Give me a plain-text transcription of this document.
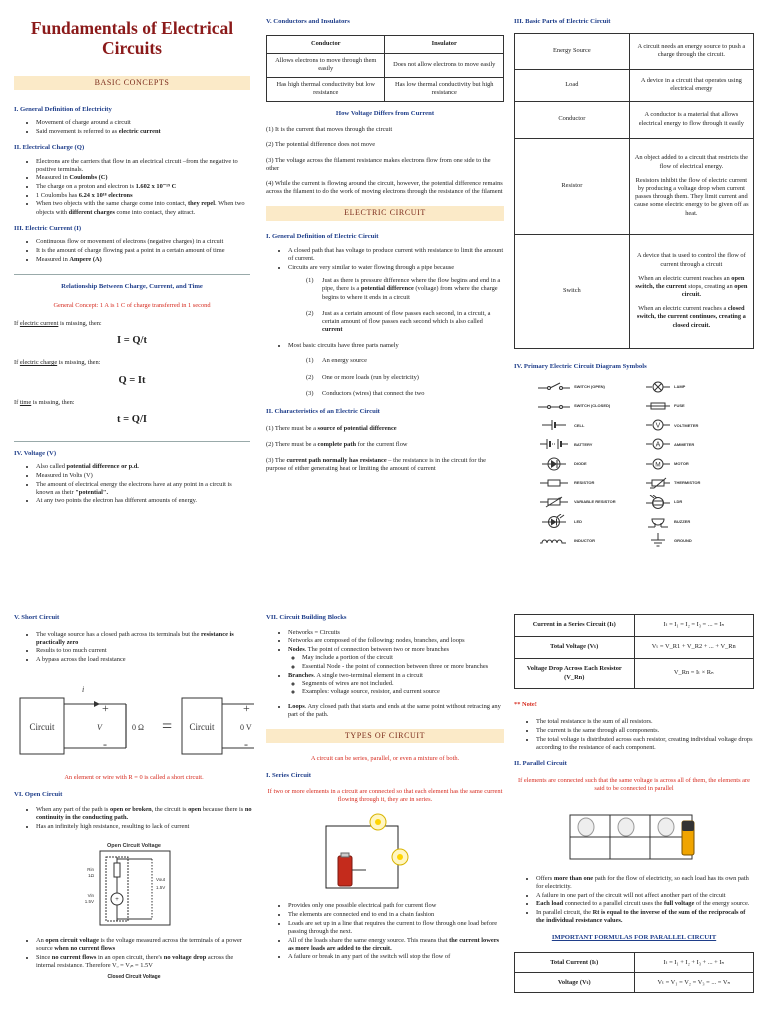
Fundamentals of Electrical Circuits
BASIC CONCEPTS
I. General Definition of Electricity
• Movement of charge around a circuit
• Said movement is referred to as electric current
II. Electrical Charge (Q)
• Electrons are the carriers that flow in an electrical circuit –from the negative to positive terminals.
• Measured in Coulombs (C)
• The charge on a proton and electron is 1.602 x 10⁻¹⁹ C
• 1 Coulombs has 6.24 x 10¹⁸ electrons
• When two objects with the same charge come into contact, they repel. When two objects with different charges come into contact, they attract.
III. Electric Current (I)
• Continuous flow or movement of electrons (negative charges) in a circuit
• It is the amount of charge flowing past a point in a certain amount of time
• Measured in Ampere (A)
Relationship Between Charge, Current, and Time
General Concept: 1 A is 1 C of charge transferred in 1 second
If electric current is missing, then:
I = Q/t
If electric charge is missing, then:
Q = It
If time is missing, then:
t = Q/I
IV. Voltage (V)
• Also called potential difference or p.d.
• Measured in Volts (V)
• The amount of electrical energy the electrons have at any point in a circuit is known as their "potential".
• At any two points the electron has different amounts of energy.
V. Conductors and Insulators
Conductor	Insulator
Allows electrons to move through them easily	Does not allow electrons to move easily
Has high thermal conductivity but low resistance	Has low thermal conductivity but high resistance
How Voltage Differs from Current
(1) It is the current that moves through the circuit
(2) The potential difference does not move
(3) The voltage across the filament resistance makes electrons flow from one side to the other
(4) While the current is flowing around the circuit, however, the potential difference remains across the filament to do the work of moving electrons through the resistance of the filament
ELECTRIC CIRCUIT
I. General Definition of Electric Circuit
• A closed path that has voltage to produce current with resistance to limit the amount of current.
• Circuits are very similar to water flowing through a pipe because
(1)	Just as there is pressure difference where the flow begins and end in a pipe, there is a potential difference (voltage) from where the charge begins to where it ends in a circuit
(2)	Just as a certain amount of flow passes each second, in a circuit, a certain amount of flow passes each second which is also called current
• Most basic circuits have three parts namely
(1)	An energy source
(2)	One or more loads (run by electricity)
(3)	Conductors (wires) that connect the two
II. Characteristics of an Electric Circuit
(1) There must be a source of potential difference
(2) There must be a complete path for the current flow
(3) The current path normally has resistance – the resistance is in the circuit for the purpose of either generating heat or limiting the amount of current
III. Basic Parts of Electric Circuit
Energy Source	A circuit needs an energy source to push a charge through the circuit.
Load	A device in a circuit that operates using electrical energy
Conductor	A conductor is a material that allows electrical energy to flow through it easily
Resistor	An object added to a circuit that restricts the flow of electrical energy.
Resistors inhibit the flow of electric current by producing a voltage drop when current passes through them. They limit current and cause some electric energy to be given off as heat.

Switch	A device that is used to control the flow of current through a circuit
When an electric current reaches an open switch, the current stops, creating an open circuit.
When an electric current reaches a closed switch, the current continues, creating a closed circuit.
IV. Primary Electric Circuit Diagram Symbols
SWITCH (OPEN)	LAMP
SWITCH (CLOSED)	FUSE
CELL	V	VOLTMETER
BATTERY	A	AMMETER
DIODE	M	MOTOR
RESISTOR	THERMISTOR
VARIABLE RESISTOR	LDR
LED	BUZZER
INDUCTOR	GROUND
V. Short Circuit
• The voltage source has a closed path across its terminals but the resistance is practically zero
• Results to too much current
• A bypass across the load resistance
Circuit
i
+
-
V	0 Ω = Circuit
+
-
0 V
An element or wire with R = 0 is called a short circuit.
VI. Open Circuit
• When any part of the path is open or broken, the circuit is open because there is no continuity in the conducting path.
• Has an infinitely high resistance, resulting to lack of current
Open Circuit Voltage
+
Rin
1Ω
Vin
1.5V
Vout
1.5V
• An open circuit voltage is the voltage measured across the terminals of a power source when no current flows
• Since no current flows in an open circuit, there's no voltage drop across the internal resistance. Therefore Vₒ = Vᵢₙ = 1.5V
Closed Circuit Voltage
VII. Circuit Building Blocks
• Networks = Circuits
• Networks are composed of the following: nodes, branches, and loops
• Nodes. The point of connection between two or more branches
◦ May include a portion of the circuit
◦ Essential Node - the point of connection between three or more branches
• Branches. A single two-terminal element in a circuit
◦ Segments of wires are not included.
◦ Examples: voltage source, resistor, and current source
• Loops. Any closed path that starts and ends at the same point without retracing any part of the path.
TYPES OF CIRCUIT
A circuit can be series, parallel, or even a mixture of both.
I. Series Circuit
If two or more elements in a circuit are connected so that each element has the same current flowing through it, they are in series.
• Provides only one possible electrical path for current flow
• The elements are connected end to end in a chain fashion
• Loads are set up in a line that requires the current to flow through one load before passing through the next.
• All of the loads share the same energy source. This means that the current lowers as more loads are added to the circuit.
• A failure or break in any part of the switch will stop the flow of
Current in a Series Circuit (Iₜ)	Iₜ = I₁ = I₂ = I₃ = ... = Iₙ
Total Voltage (Vₜ)	Vₜ = V_R1 + V_R2 + ... + V_Rn
Voltage Drop Across Each Resistor (V_Rn)	V_Rn = Iₜ × Rₙ
** Note!
• The total resistance is the sum of all resistors.
• The current is the same through all components.
• The total voltage is distributed across each resistor, creating individual voltage drops according to the resistance of each component.
II. Parallel Circuit
If elements are connected such that the same voltage is across all of them, the elements are said to be connected in parallel
• Offers more than one path for the flow of electricity, so each load has its own path for electricity.
• A failure in one part of the circuit will not affect another part of the circuit
• Each load connected to a parallel circuit uses the full voltage of the energy source.
• In parallel circuit, the Rt is equal to the inverse of the sum of the reciprocals of the individual resistance values.
IMPORTANT FORMULAS FOR PARALLEL CIRCUIT
Total Current (Iₜ)	Iₜ = I₁ + I₂ + I₃ + ... + Iₙ
Voltage (Vₜ)	Vₜ = V₁ = V₂ = V₃ = ... = Vₙ
